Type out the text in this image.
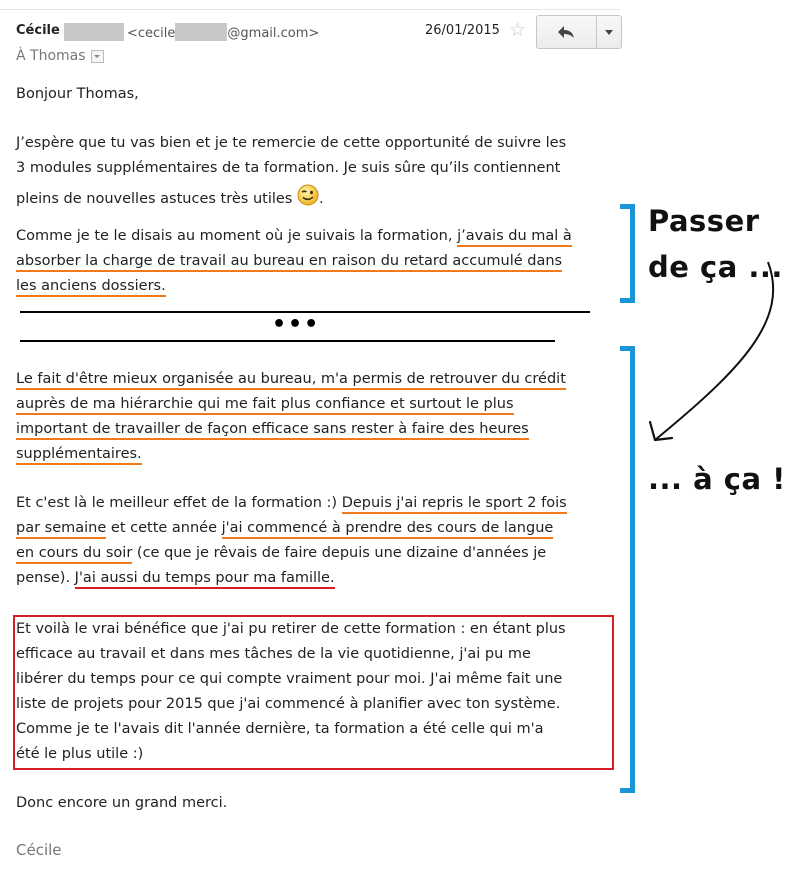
Cécile	<cecile	@gmail.com>	26/01/2015 ☆
À Thomas
Bonjour Thomas,
J’espère que tu vas bien et je te remercie de cette opportunité de suivre les
3 modules supplémentaires de ta formation. Je suis sûre qu’ils contiennent
pleins de nouvelles astuces très utiles .
Comme je te le disais au moment où je suivais la formation, j’avais du mal à
absorber la charge de travail au bureau en raison du retard accumulé dans
les anciens dossiers.
•••
Le fait d'être mieux organisée au bureau, m'a permis de retrouver du crédit
auprès de ma hiérarchie qui me fait plus confiance et surtout le plus
important de travailler de façon efficace sans rester à faire des heures
supplémentaires.
Et c'est là le meilleur effet de la formation :) Depuis j'ai repris le sport 2 fois
par semaine et cette année j'ai commencé à prendre des cours de langue
en cours du soir (ce que je rêvais de faire depuis une dizaine d'années je
pense). J'ai aussi du temps pour ma famille.
Et voilà le vrai bénéfice que j'ai pu retirer de cette formation : en étant plus
efficace au travail et dans mes tâches de la vie quotidienne, j'ai pu me
libérer du temps pour ce qui compte vraiment pour moi. J'ai même fait une
liste de projets pour 2015 que j'ai commencé à planifier avec ton système.
Comme je te l'avais dit l'année dernière, ta formation a été celle qui m'a
été le plus utile :)
Donc encore un grand merci.
Cécile
Passer
de ça ...
... à ça !
